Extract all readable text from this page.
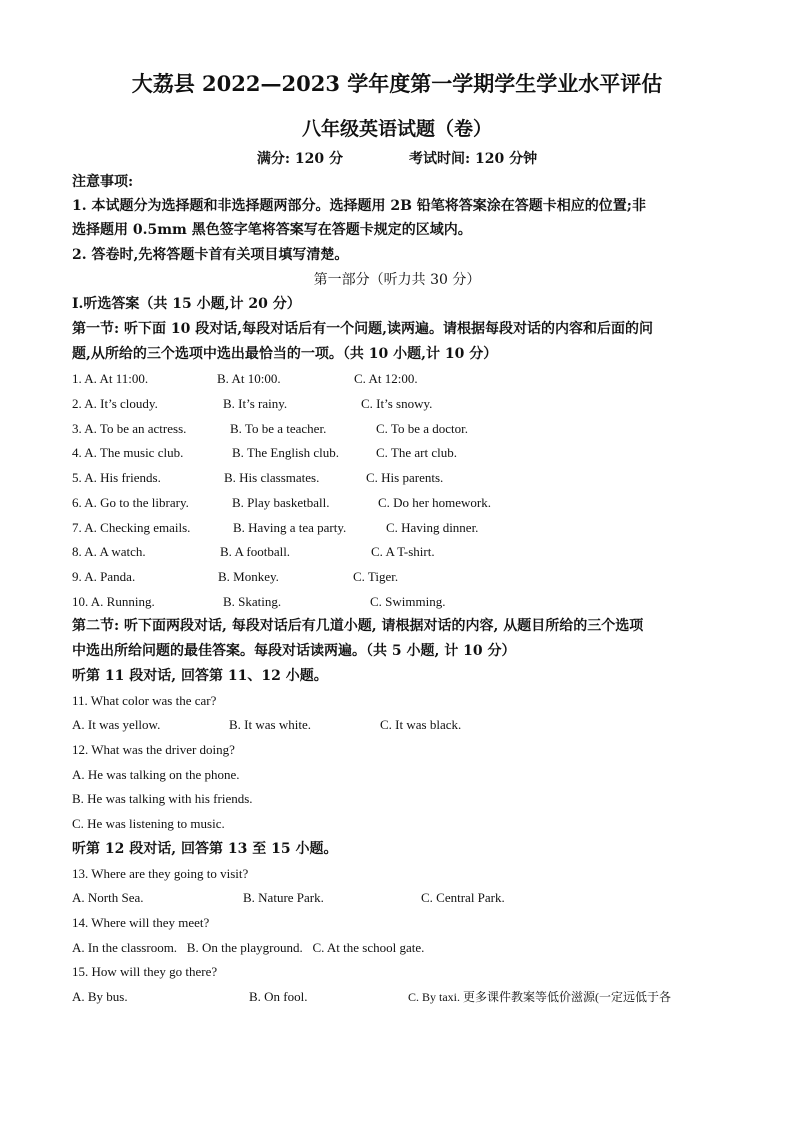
大荔县 2022—2023 学年度第一学期学生学业水平评估
八年级英语试题（卷）
满分: 120 分	考试时间: 120 分钟
注意事项:
1. 本试题分为选择题和非选择题两部分。选择题用 2B 铅笔将答案涂在答题卡相应的位置;非
选择题用 0.5mm 黑色签字笔将答案写在答题卡规定的区域内。
2. 答卷时,先将答题卡首有关项目填写清楚。
第一部分（听力共 30 分）
I.听选答案（共 15 小题,计 20 分）
第一节: 听下面 10 段对话,每段对话后有一个问题,读两遍。请根据每段对话的内容和后面的问
题,从所给的三个选项中选出最恰当的一项。（共 10 小题,计 10 分）
1. A. At 11:00.	B. At 10:00.	C. At 12:00.
2. A. It’s cloudy.	B. It’s rainy.	C. It’s snowy.
3. A. To be an actress.	B. To be a teacher.	C. To be a doctor.
4. A. The music club.	B. The English club.	C. The art club.
5. A. His friends.	B. His classmates.	C. His parents.
6. A. Go to the library.	B. Play basketball.	C. Do her homework.
7. A. Checking emails.	B. Having a tea party.	C. Having dinner.
8. A. A watch.	B. A football.	C. A T-shirt.
9. A. Panda.	B. Monkey.	C. Tiger.
10. A. Running.	B. Skating.	C. Swimming.
第二节: 听下面两段对话, 每段对话后有几道小题, 请根据对话的内容, 从题目所给的三个选项
中选出所给问题的最佳答案。每段对话读两遍。（共 5 小题, 计 10 分）
听第 11 段对话, 回答第 11、12 小题。
11. What color was the car?
A. It was yellow.	B. It was white.	C. It was black.
12. What was the driver doing?
A. He was talking on the phone.
B. He was talking with his friends.
C. He was listening to music.
听第 12 段对话, 回答第 13 至 15 小题。
13. Where are they going to visit?
A. North Sea.	B. Nature Park.	C. Central Park.
14. Where will they meet?
A. In the classroom.   B. On the playground.   C. At the school gate.
15. How will they go there?
A. By bus.	B. On fool.	C. By taxi. 更多课件教案等低价滋源(一定远低于各
